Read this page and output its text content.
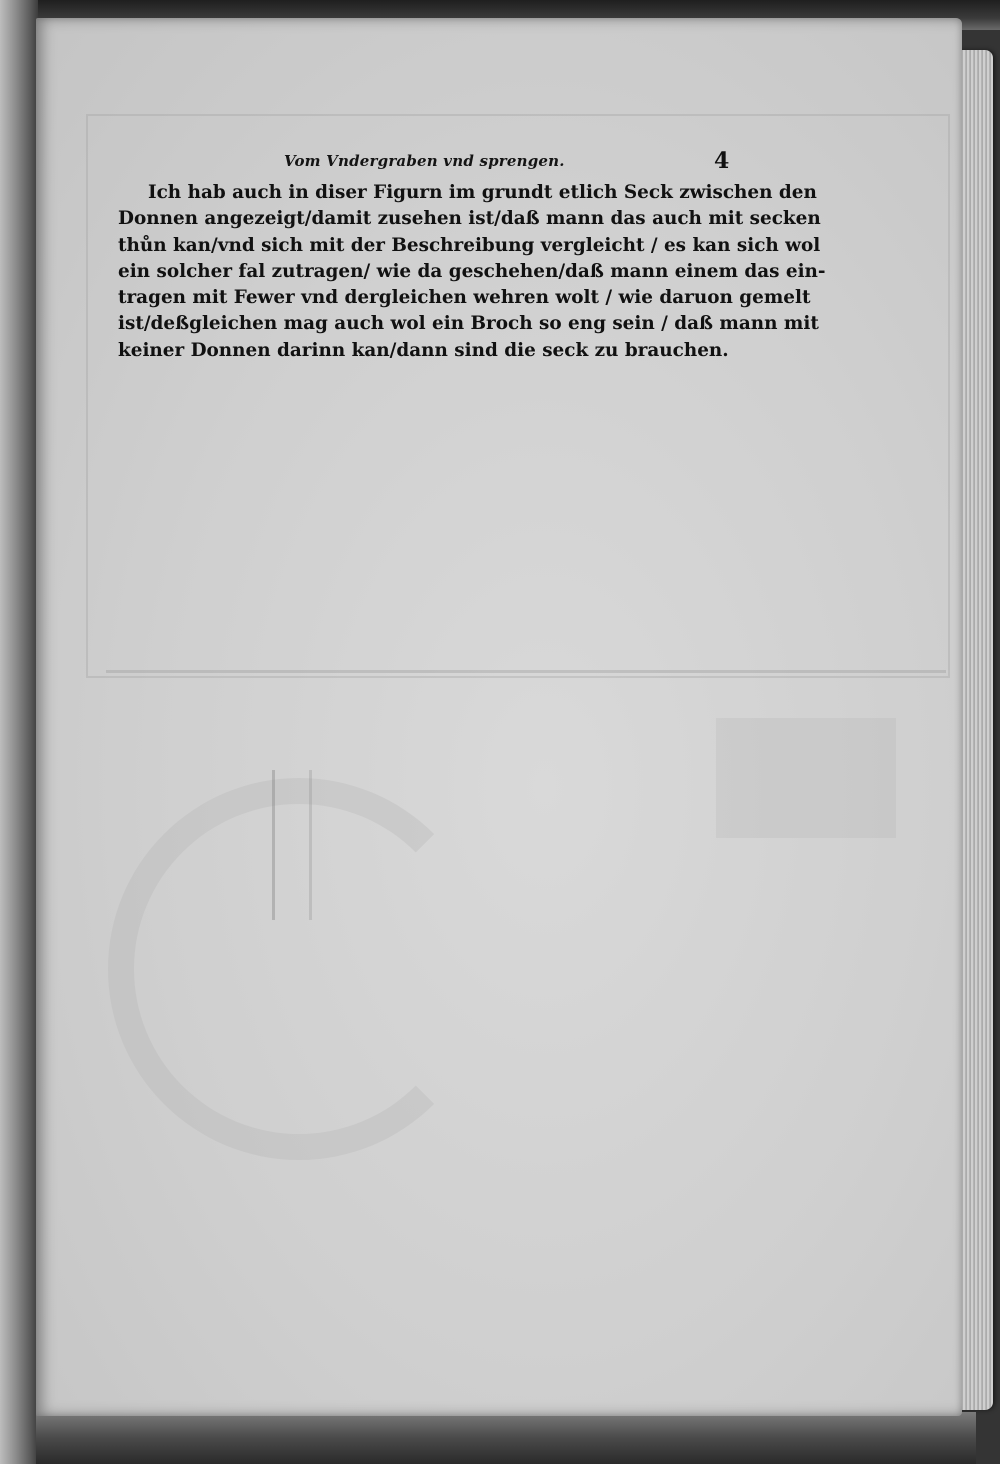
Vom Vndergraben vnd sprengen.	4
Ich hab auch in diser Figurn im grundt etlich Seck zwischen den
Donnen angezeigt/damit zusehen ist/daß mann das auch mit secken
thůn kan/vnd sich mit der Beschreibung vergleicht / es kan sich wol
ein solcher fal zutragen/ wie da geschehen/daß mann einem das ein-
tragen mit Fewer vnd dergleichen wehren wolt / wie daruon gemelt
ist/deßgleichen mag auch wol ein Broch so eng sein / daß mann mit
keiner Donnen darinn kan/dann sind die seck zu brauchen.
